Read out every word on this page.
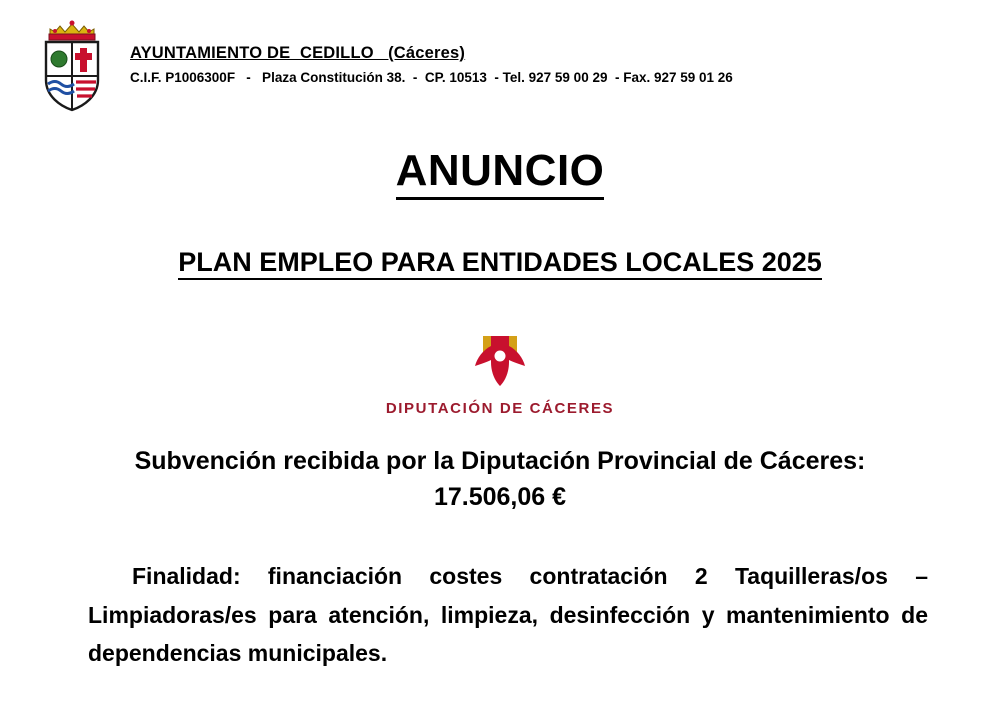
AYUNTAMIENTO DE  CEDILLO   (Cáceres)
C.I.F. P1006300F   -   Plaza Constitución 38.  -  CP. 10513  - Tel. 927 59 00 29  - Fax. 927 59 01 26
ANUNCIO
PLAN EMPLEO PARA ENTIDADES LOCALES 2025
DIPUTACIÓN DE CÁCERES
Subvención recibida por la Diputación Provincial de Cáceres:
17.506,06 €
Finalidad: financiación costes contratación 2 Taquilleras/os – Limpiadoras/es para atención, limpieza, desinfección y mantenimiento de dependencias municipales.
